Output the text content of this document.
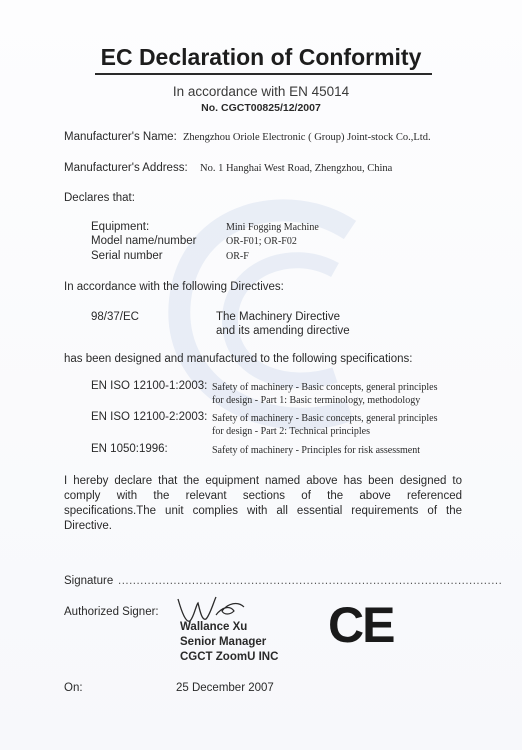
EC Declaration of Conformity
In accordance with EN 45014
No. CGCT00825/12/2007
Manufacturer's Name: Zhengzhou Oriole Electronic ( Group) Joint-stock Co.,Ltd.
Manufacturer's Address: No. 1 Hanghai West Road, Zhengzhou, China
Declares that:
Equipment:	Mini Fogging Machine
Model name/number	OR-F01; OR-F02
Serial number	OR-F
In accordance with the following Directives:
98/37/EC	The Machinery Directive
and its amending directive
has been designed and manufactured to the following specifications:
EN ISO 12100-1:2003: Safety of machinery - Basic concepts, general principles
for design - Part 1: Basic terminology, methodology
EN ISO 12100-2:2003: Safety of machinery - Basic concepts, general principles
for design - Part 2: Technical principles
EN 1050:1996:	Safety of machinery - Principles for risk assessment
I hereby declare that the equipment named above has been designed to
comply with the relevant sections of the above referenced
specifications.The unit complies with all essential requirements of the
Directive.
Signature ........................................................................................................
Authorized Signer:
Wallance Xu
Senior Manager
CGCT ZoomU INC
CE
On:	25 December 2007
